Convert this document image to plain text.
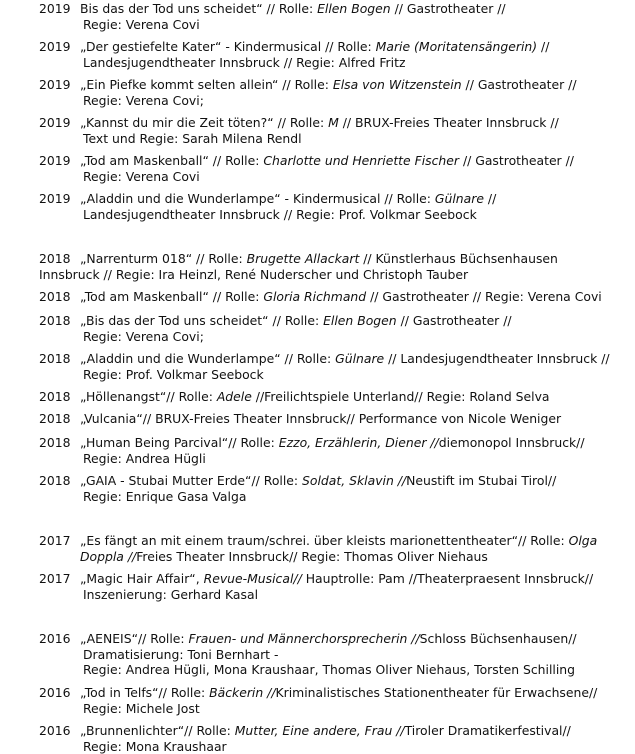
2019 Bis das der Tod uns scheidet“ // Rolle: Ellen Bogen // Gastrotheater //
Regie: Verena Covi
2019 „Der gestiefelte Kater“ - Kindermusical // Rolle: Marie (Moritatensängerin) //
Landesjugendtheater Innsbruck // Regie: Alfred Fritz
2019 „Ein Piefke kommt selten allein“ // Rolle: Elsa von Witzenstein // Gastrotheater //
Regie: Verena Covi;
2019 „Kannst du mir die Zeit töten?“ // Rolle: M // BRUX-Freies Theater Innsbruck //
Text und Regie: Sarah Milena Rendl
2019 „Tod am Maskenball“ // Rolle: Charlotte und Henriette Fischer // Gastrotheater //
Regie: Verena Covi
2019 „Aladdin und die Wunderlampe“ - Kindermusical // Rolle: Gülnare //
Landesjugendtheater Innsbruck // Regie: Prof. Volkmar Seebock
2018 „Narrenturm 018“ // Rolle: Brugette Allackart // Künstlerhaus Büchsenhausen
Innsbruck // Regie: Ira Heinzl, René Nuderscher und Christoph Tauber
2018 „Tod am Maskenball“ // Rolle: Gloria Richmand // Gastrotheater // Regie: Verena Covi
2018 „Bis das der Tod uns scheidet“ // Rolle: Ellen Bogen // Gastrotheater //
Regie: Verena Covi;
2018 „Aladdin und die Wunderlampe“ // Rolle: Gülnare // Landesjugendtheater Innsbruck //
Regie: Prof. Volkmar Seebock
2018 „Höllenangst“// Rolle: Adele //Freilichtspiele Unterland// Regie: Roland Selva
2018 „Vulcania“// BRUX-Freies Theater Innsbruck// Performance von Nicole Weniger
2018 „Human Being Parcival“// Rolle: Ezzo, Erzählerin, Diener //diemonopol Innsbruck//
Regie: Andrea Hügli
2018 „GAIA - Stubai Mutter Erde“// Rolle: Soldat, Sklavin //Neustift im Stubai Tirol//
Regie: Enrique Gasa Valga
2017 „Es fängt an mit einem traum/schrei. über kleists marionettentheater“// Rolle: Olga
Doppla //Freies Theater Innsbruck// Regie: Thomas Oliver Niehaus
2017 „Magic Hair Affair“, Revue-Musical// Hauptrolle: Pam //Theaterpraesent Innsbruck//
Inszenierung: Gerhard Kasal
2016 „AENEIS“// Rolle: Frauen- und Männerchorsprecherin //Schloss Büchsenhausen//
Dramatisierung: Toni Bernhart -
Regie: Andrea Hügli, Mona Kraushaar, Thomas Oliver Niehaus, Torsten Schilling
2016 „Tod in Telfs“// Rolle: Bäckerin //Kriminalistisches Stationentheater für Erwachsene//
Regie: Michele Jost
2016 „Brunnenlichter“// Rolle: Mutter, Eine andere, Frau //Tiroler Dramatikerfestival//
Regie: Mona Kraushaar
